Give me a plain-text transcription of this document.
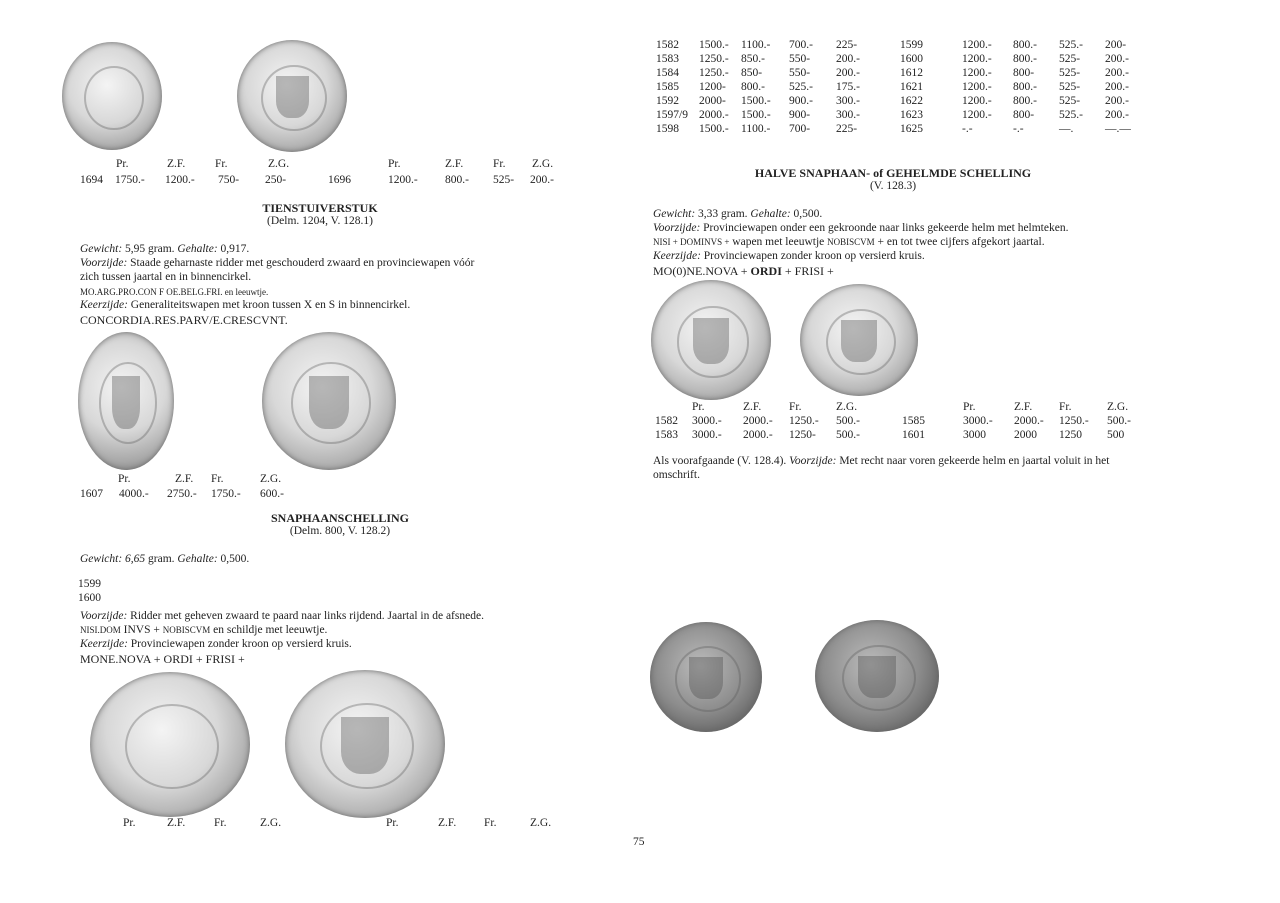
Pr.	Z.F.	Fr.	Z.G.	Pr.	Z.F.	Fr. Z.G.
1694 1750.- 1200.- 750- 250-	1696	1200.- 800.- 525- 200.-
Pr.	Z.F. Fr.	Z.G.
1607 4000.- 2750.- 1750.- 600.-
Pr.	Z.F.	Fr.	Z.G.	Pr.	Z.F. Fr.	Z.G.
1582 1500.- 1100.- 700.- 225-	1599	1200.- 800.- 525.- 200-
1583 1250.- 850.- 550- 200.-	1600	1200.- 800.- 525- 200.-
1584 1250.- 850- 550- 200.-	1612	1200.- 800- 525- 200.-
1585 1200- 800.- 525.- 175.-	1621	1200.- 800.- 525- 200.-
1592 2000- 1500.- 900.- 300.-	1622	1200.- 800.- 525- 200.-
1597/9 2000.- 1500.- 900- 300.-	1623	1200.- 800- 525.- 200.-
1598 1500.- 1100.- 700- 225-	1625	-.-	-.-	—.	—.—
Pr.	Z.F. Fr.	Z.G.	Pr.	Z.F. Fr.	Z.G.
1582 3000.- 2000.- 1250.- 500.-	1585	3000.- 2000.- 1250.- 500.-
1583 3000.- 2000.- 1250- 500.-	1601	3000 2000 1250 500
TIENSTUIVERSTUK
(Delm. 1204, V. 128.1)
Gewicht: 5,95 gram. Gehalte: 0,917.
Voorzijde: Staade geharnaste ridder met geschouderd zwaard en provinciewapen vóór
zich tussen jaartal en in binnencirkel.
MO.ARG.PRO.CON F OE.BELG.FRI. en leeuwtje.
Keerzijde: Generaliteitswapen met kroon tussen X en S in binnencirkel.
CONCORDIA.RES.PARV/E.CRESCVNT.
SNAPHAANSCHELLING
(Delm. 800, V. 128.2)
Gewicht: 6,65 gram. Gehalte: 0,500.
1599
1600
Voorzijde: Ridder met geheven zwaard te paard naar links rijdend. Jaartal in de afsnede.
NISI.DOM INVS + NOBISCVM en schildje met leeuwtje.
Keerzijde: Provinciewapen zonder kroon op versierd kruis.
MONE.NOVA + ORDI + FRISI +
HALVE SNAPHAAN- of GEHELMDE SCHELLING
(V. 128.3)
Gewicht: 3,33 gram. Gehalte: 0,500.
Voorzijde: Provinciewapen onder een gekroonde naar links gekeerde helm met helmteken.
NISI + DOMINVS + wapen met leeuwtje NOBISCVM + en tot twee cijfers afgekort jaartal.
Keerzijde: Provinciewapen zonder kroon op versierd kruis.
MO(0)NE.NOVA + ORDI + FRISI +
Als voorafgaande (V. 128.4). Voorzijde: Met recht naar voren gekeerde helm en jaartal voluit in het
omschrift.
75
